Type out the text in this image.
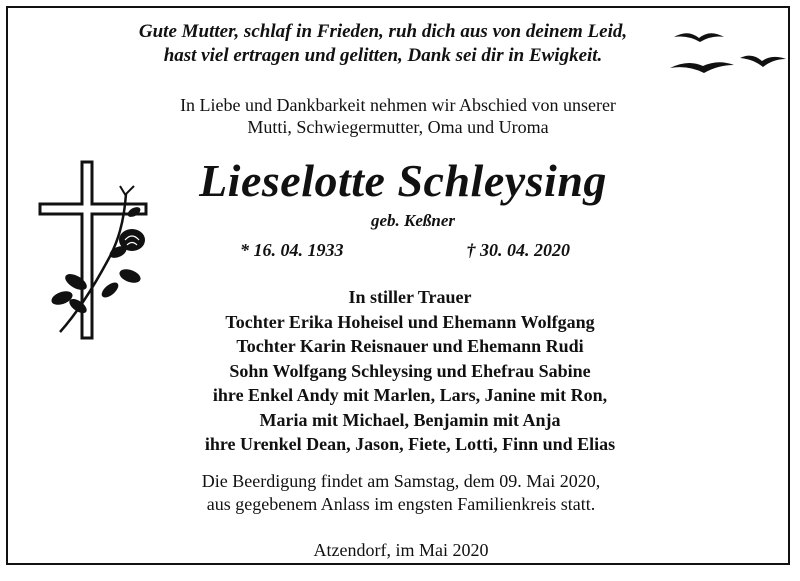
Gute Mutter, schlaf in Frieden, ruh dich aus von deinem Leid,
hast viel ertragen und gelitten, Dank sei dir in Ewigkeit.
In Liebe und Dankbarkeit nehmen wir Abschied von unserer
Mutti, Schwiegermutter, Oma und Uroma
Lieselotte Schleysing
geb. Keßner
* 16. 04. 1933	† 30. 04. 2020
In stiller Trauer
Tochter Erika Hoheisel und Ehemann Wolfgang
Tochter Karin Reisnauer und Ehemann Rudi
Sohn Wolfgang Schleysing und Ehefrau Sabine
ihre Enkel Andy mit Marlen, Lars, Janine mit Ron,
Maria mit Michael, Benjamin mit Anja
ihre Urenkel Dean, Jason, Fiete, Lotti, Finn und Elias
Die Beerdigung findet am Samstag, dem 09. Mai 2020,
aus gegebenem Anlass im engsten Familienkreis statt.
Atzendorf, im Mai 2020
